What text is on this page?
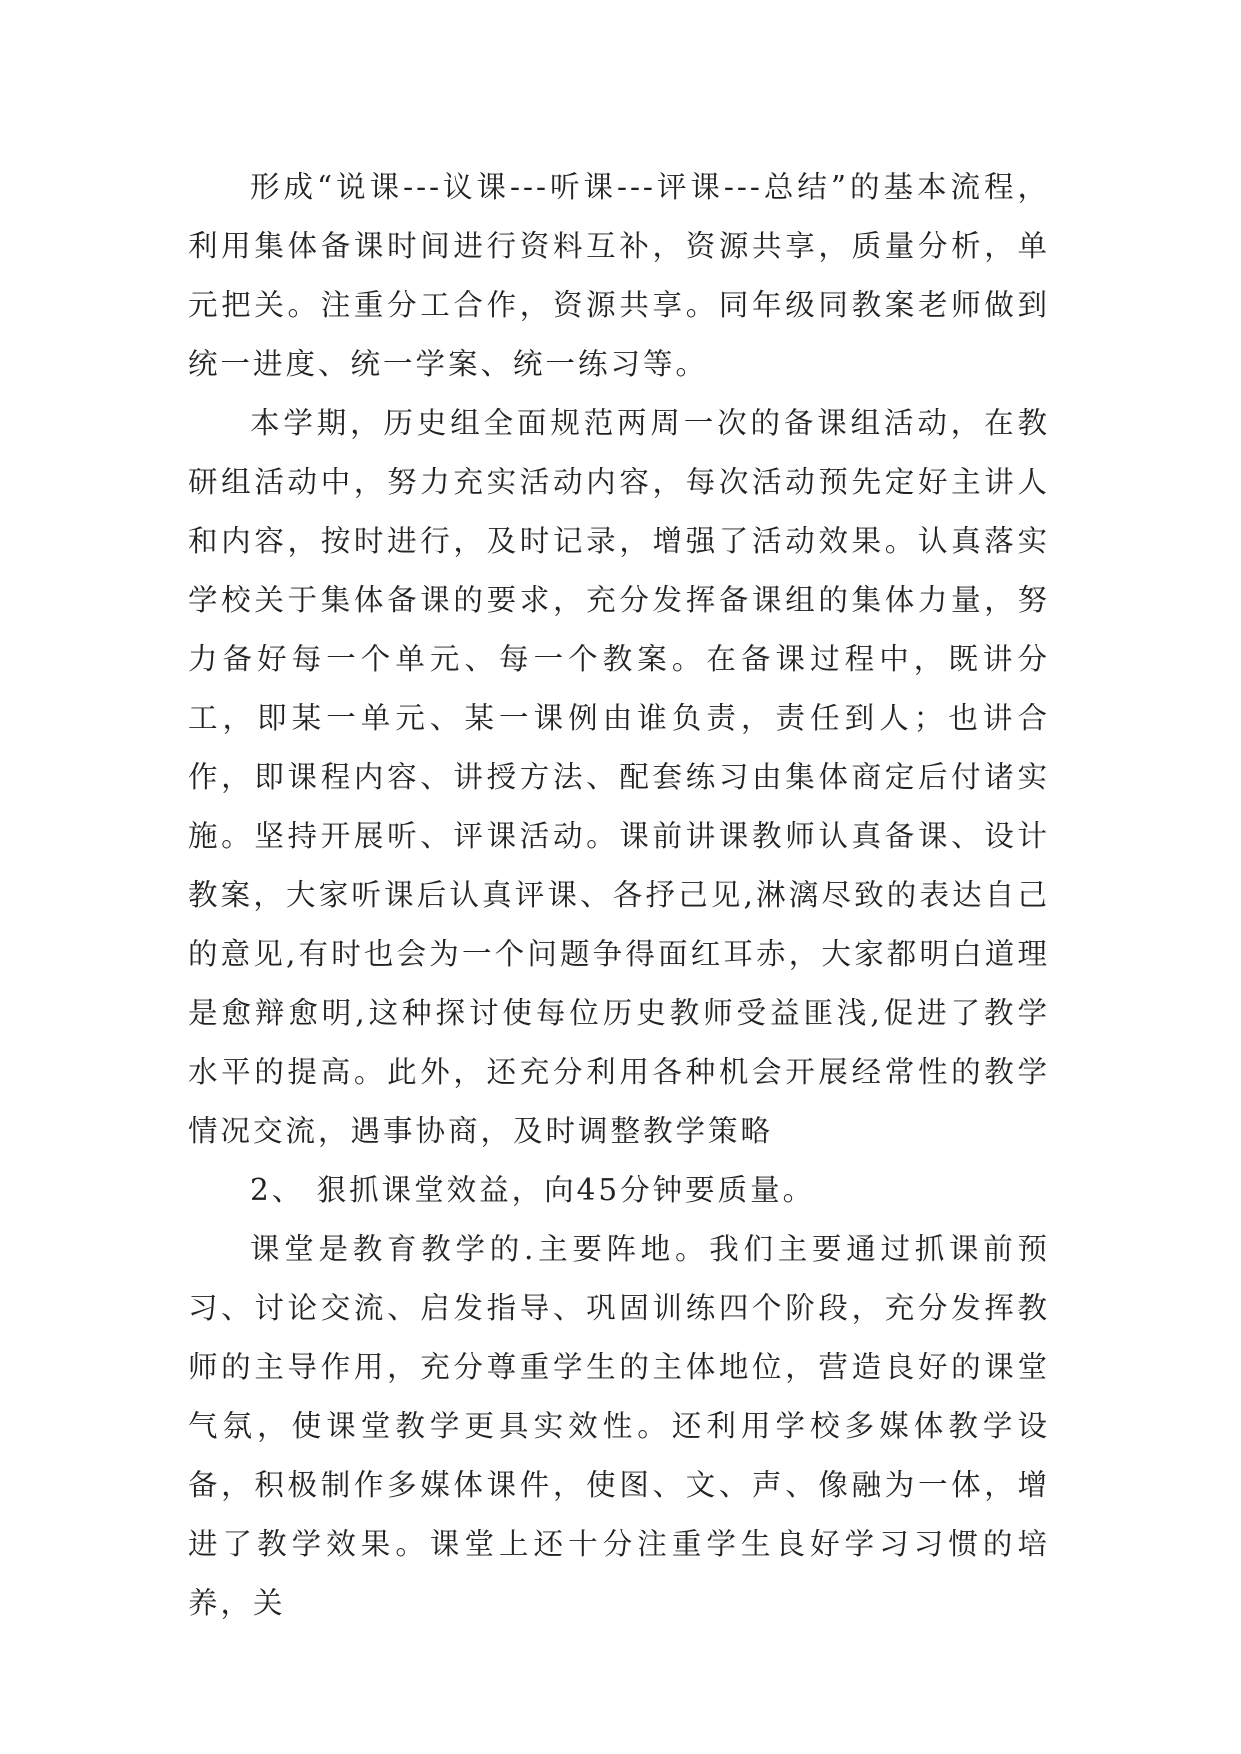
形成“说课---议课---听课---评课---总结”的基本流程，利用集体备课时间进行资料互补，资源共享，质量分析，单元把关。注重分工合作，资源共享。同年级同教案老师做到统一进度、统一学案、统一练习等。

本学期，历史组全面规范两周一次的备课组活动，在教研组活动中，努力充实活动内容，每次活动预先定好主讲人和内容，按时进行，及时记录，增强了活动效果。认真落实学校关于集体备课的要求，充分发挥备课组的集体力量，努力备好每一个单元、每一个教案。在备课过程中，既讲分工，即某一单元、某一课例由谁负责，责任到人；也讲合作，即课程内容、讲授方法、配套练习由集体商定后付诸实施。坚持开展听、评课活动。课前讲课教师认真备课、设计教案，大家听课后认真评课、各抒己见,淋漓尽致的表达自己的意见,有时也会为一个问题争得面红耳赤，大家都明白道理是愈辩愈明,这种探讨使每位历史教师受益匪浅,促进了教学水平的提高。此外，还充分利用各种机会开展经常性的教学情况交流，遇事协商，及时调整教学策略

2、 狠抓课堂效益，向45分钟要质量。

课堂是教育教学的.主要阵地。我们主要通过抓课前预习、讨论交流、启发指导、巩固训练四个阶段，充分发挥教师的主导作用，充分尊重学生的主体地位，营造良好的课堂气氛，使课堂教学更具实效性。还利用学校多媒体教学设备，积极制作多媒体课件，使图、文、声、像融为一体，增进了教学效果。课堂上还十分注重学生良好学习习惯的培养，关
